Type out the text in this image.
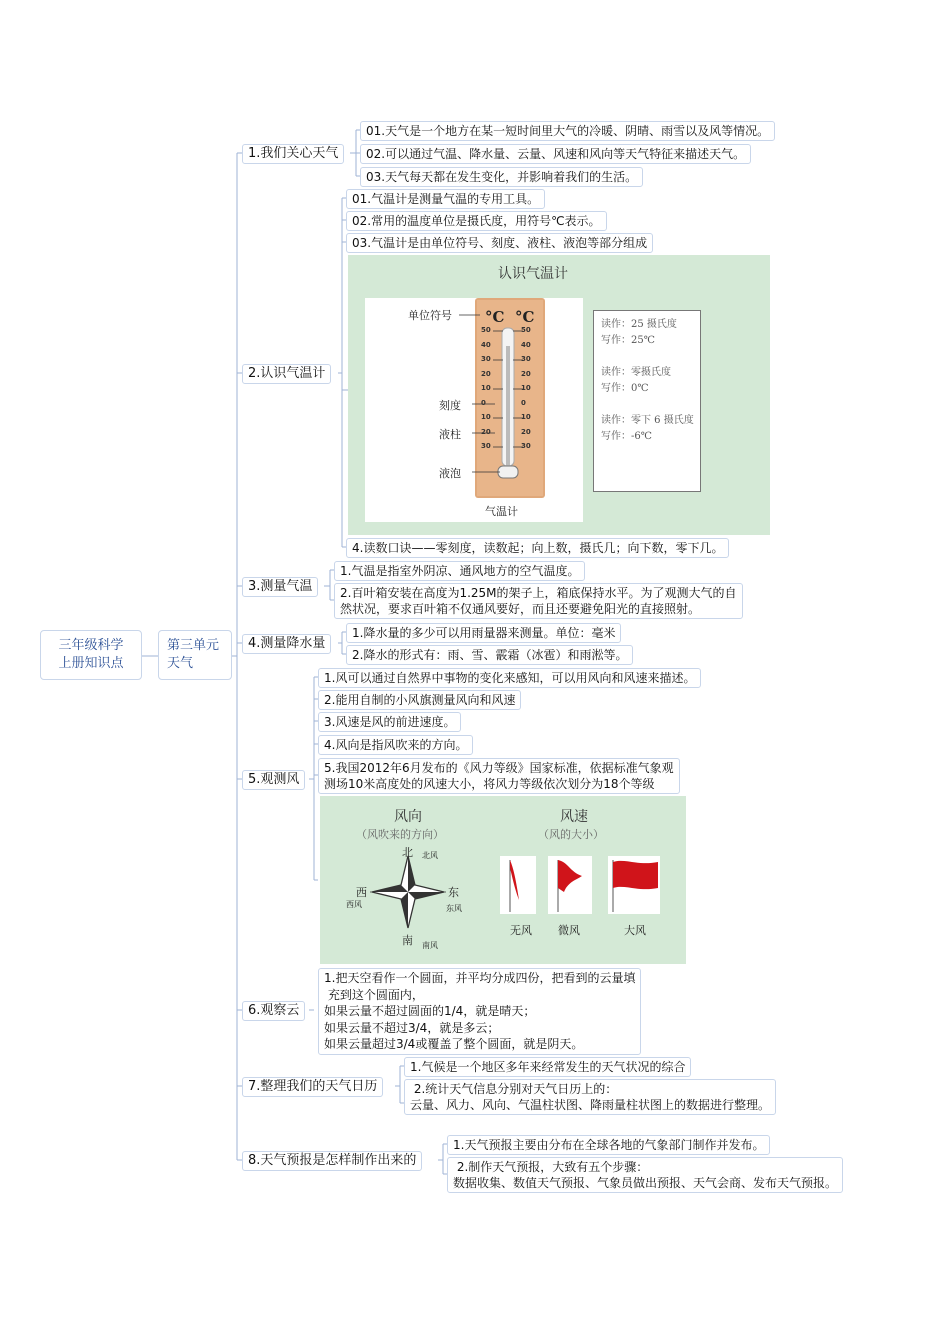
三年级科学
上册知识点
第三单元
天气
1.我们关心天气
01.天气是一个地方在某一短时间里大气的冷暖、阴晴、雨雪以及风等情况。
02.可以通过气温、降水量、云量、风速和风向等天气特征来描述天气。
03.天气每天都在发生变化，并影响着我们的生活。
2.认识气温计
01.气温计是测量气温的专用工具。
02.常用的温度单位是摄氏度，用符号℃表示。
03.气温计是由单位符号、刻度、液柱、液泡等部分组成
认识气温计
°C °C
单位符号
刻度
液柱
液泡
气温计
50
40
30
20
10
0
10
20
30
50
40
30
20
10
0
10
20
30
读作：25 摄氏度
写作：25℃

读作：零摄氏度
写作：0℃

读作：零下 6 摄氏度
写作：-6℃
4.读数口诀——零刻度，读数起；向上数，摄氏几；向下数，零下几。
3.测量气温
1.气温是指室外阴凉、通风地方的空气温度。
2.百叶箱安装在高度为1.25M的架子上，箱底保持水平。为了观测大气的自
然状况，要求百叶箱不仅通风要好，而且还要避免阳光的直接照射。
4.测量降水量
1.降水量的多少可以用雨量器来测量。单位：毫米
2.降水的形式有：雨、雪、霰霜（冰雹）和雨淞等。
5.观测风
1.风可以通过自然界中事物的变化来感知，可以用风向和风速来描述。
2.能用自制的小风旗测量风向和风速
3.风速是风的前进速度。
4.风向是指风吹来的方向。
5.我国2012年6月发布的《风力等级》国家标准，依据标准气象观
测场10米高度处的风速大小，将风力等级依次划分为18个等级
风向
（风吹来的方向）
风速
（风的大小）
北 北风
西
西风
东
东风
南 南风
无风 微风	大风
6.观察云
1.把天空看作一个圆面，并平均分成四份，把看到的云量填
充到这个圆面内，
如果云量不超过圆面的1/4，就是晴天；
如果云量不超过3/4，就是多云；
如果云量超过3/4或覆盖了整个圆面，就是阴天。
7.整理我们的天气日历
1.气候是一个地区多年来经常发生的天气状况的综合
2.统计天气信息分别对天气日历上的：
云量、风力、风向、气温柱状图、降雨量柱状图上的数据进行整理。
8.天气预报是怎样制作出来的
1.天气预报主要由分布在全球各地的气象部门制作并发布。
2.制作天气预报，大致有五个步骤：
数据收集、数值天气预报、气象员做出预报、天气会商、发布天气预报。
